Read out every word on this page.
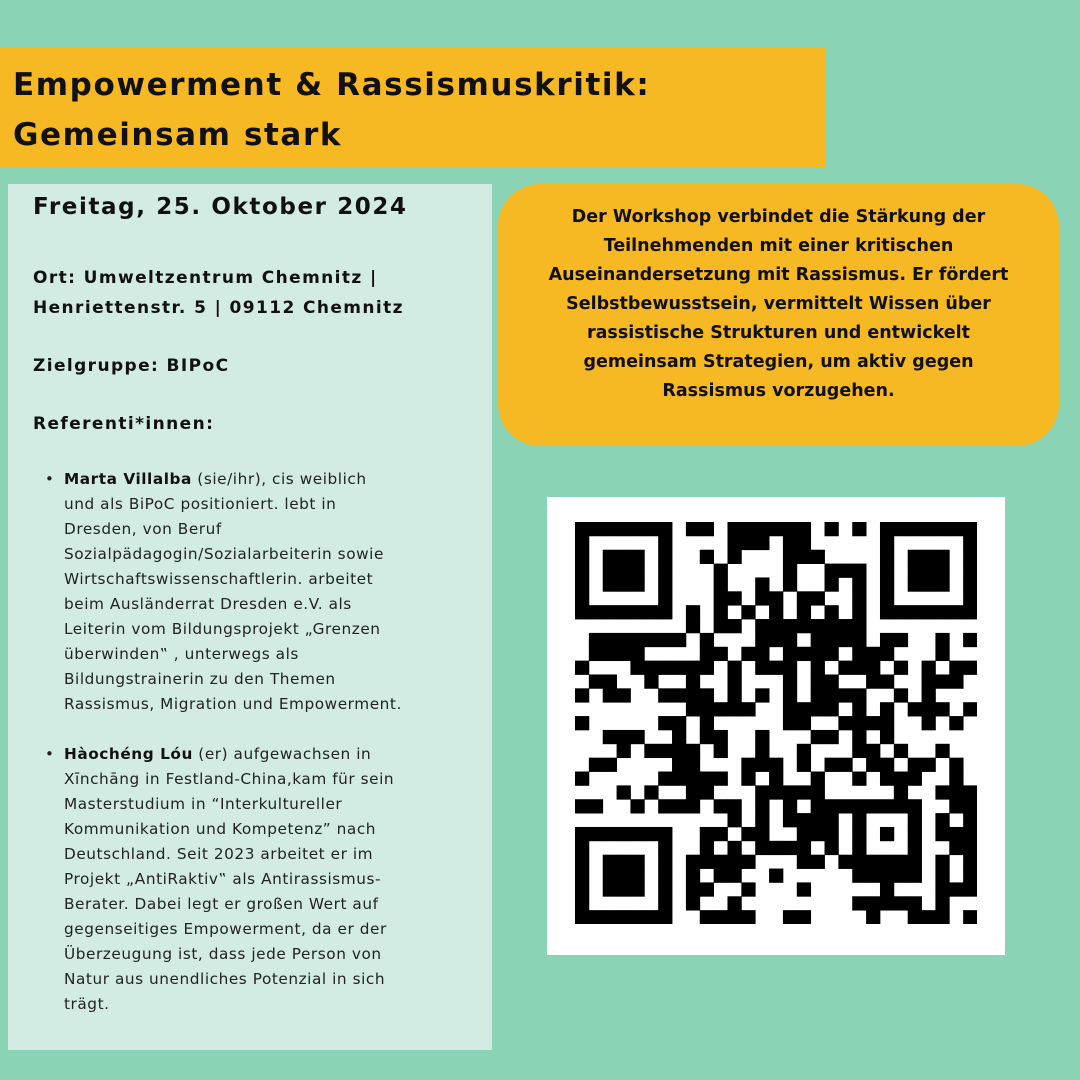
Empowerment & Rassismuskritik:
Gemeinsam stark
Freitag, 25. Oktober 2024
Ort: Umweltzentrum Chemnitz |
Henriettenstr. 5 | 09112 Chemnitz
Zielgruppe: BIPoC
Referenti*innen:
• Marta Villalba (sie/ihr), cis weiblich
und als BiPoC positioniert. lebt in
Dresden, von Beruf
Sozialpädagogin/Sozialarbeiterin sowie
Wirtschaftswissenschaftlerin. arbeitet
beim Ausländerrat Dresden e.V. als
Leiterin vom Bildungsprojekt „Grenzen
überwinden‟ , unterwegs als
Bildungstrainerin zu den Themen
Rassismus, Migration und Empowerment.
• Hàochéng Lóu (er) aufgewachsen in
Xīnchāng in Festland-China,kam für sein
Masterstudium in “Interkultureller
Kommunikation und Kompetenz” nach
Deutschland. Seit 2023 arbeitet er im
Projekt „AntiRaktiv‟ als Antirassismus-
Berater. Dabei legt er großen Wert auf
gegenseitiges Empowerment, da er der
Überzeugung ist, dass jede Person von
Natur aus unendliches Potenzial in sich
trägt.
Der Workshop verbindet die Stärkung der
Teilnehmenden mit einer kritischen
Auseinandersetzung mit Rassismus. Er fördert
Selbstbewusstsein, vermittelt Wissen über
rassistische Strukturen und entwickelt
gemeinsam Strategien, um aktiv gegen
Rassismus vorzugehen.
